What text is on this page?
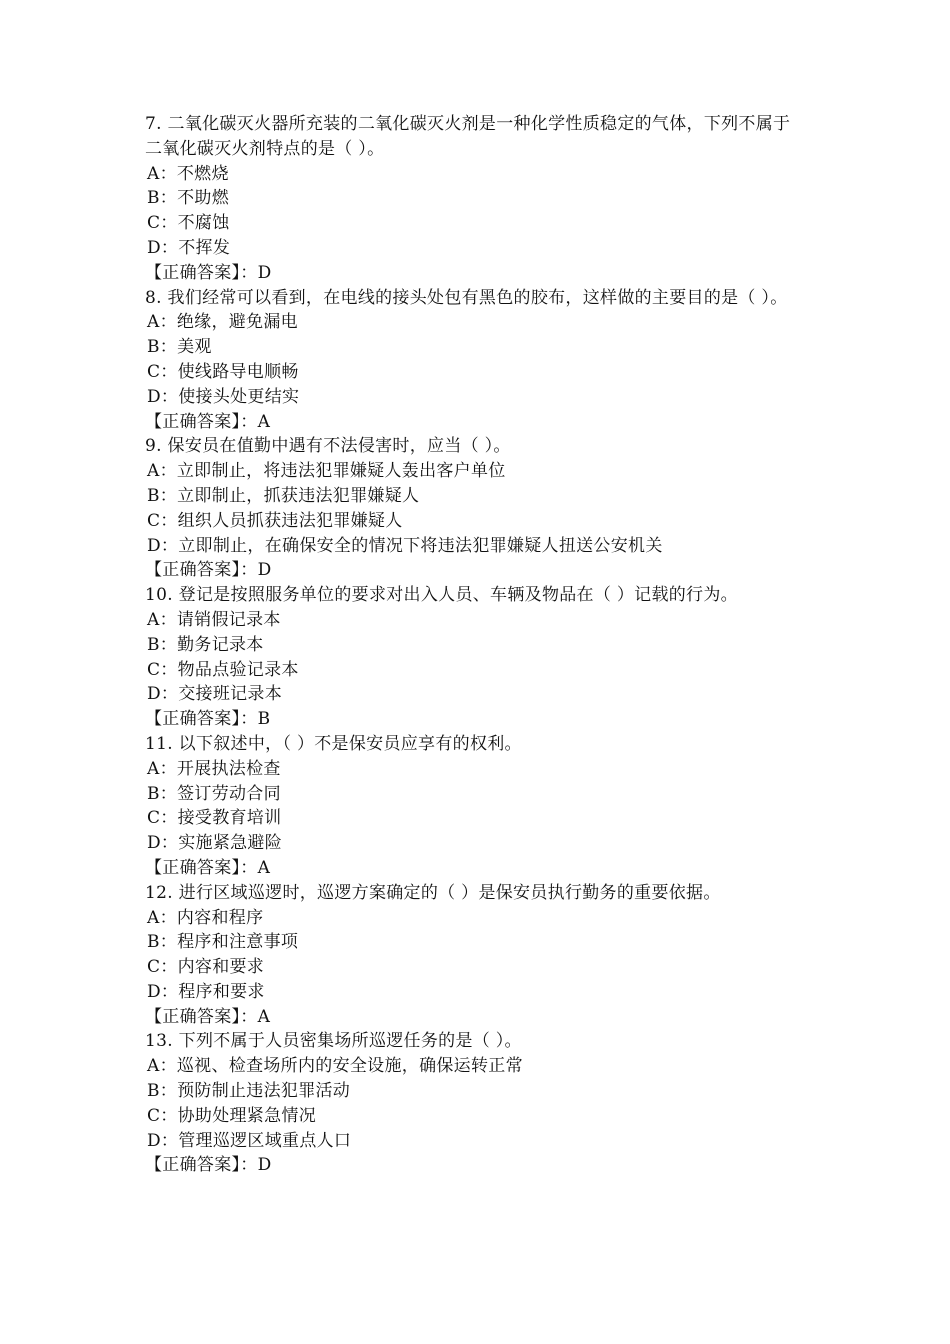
7. 二氧化碳灭火器所充装的二氧化碳灭火剂是一种化学性质稳定的气体，下列不属于二氧化碳灭火剂特点的是（ ）。
A：不燃烧
B：不助燃
C：不腐蚀
D：不挥发
【正确答案】：D
8. 我们经常可以看到，在电线的接头处包有黑色的胶布，这样做的主要目的是（ ）。
A：绝缘，避免漏电
B：美观
C：使线路导电顺畅
D：使接头处更结实
【正确答案】：A
9. 保安员在值勤中遇有不法侵害时，应当（ ）。
A：立即制止，将违法犯罪嫌疑人轰出客户单位
B：立即制止，抓获违法犯罪嫌疑人
C：组织人员抓获违法犯罪嫌疑人
D：立即制止，在确保安全的情况下将违法犯罪嫌疑人扭送公安机关
【正确答案】：D
10. 登记是按照服务单位的要求对出入人员、车辆及物品在（ ）记载的行为。
A：请销假记录本
B：勤务记录本
C：物品点验记录本
D：交接班记录本
【正确答案】：B
11. 以下叙述中，（ ）不是保安员应享有的权利。
A：开展执法检查
B：签订劳动合同
C：接受教育培训
D：实施紧急避险
【正确答案】：A
12. 进行区域巡逻时，巡逻方案确定的（ ）是保安员执行勤务的重要依据。
A：内容和程序
B：程序和注意事项
C：内容和要求
D：程序和要求
【正确答案】：A
13. 下列不属于人员密集场所巡逻任务的是（ ）。
A：巡视、检查场所内的安全设施，确保运转正常
B：预防制止违法犯罪活动
C：协助处理紧急情况
D：管理巡逻区域重点人口
【正确答案】：D
